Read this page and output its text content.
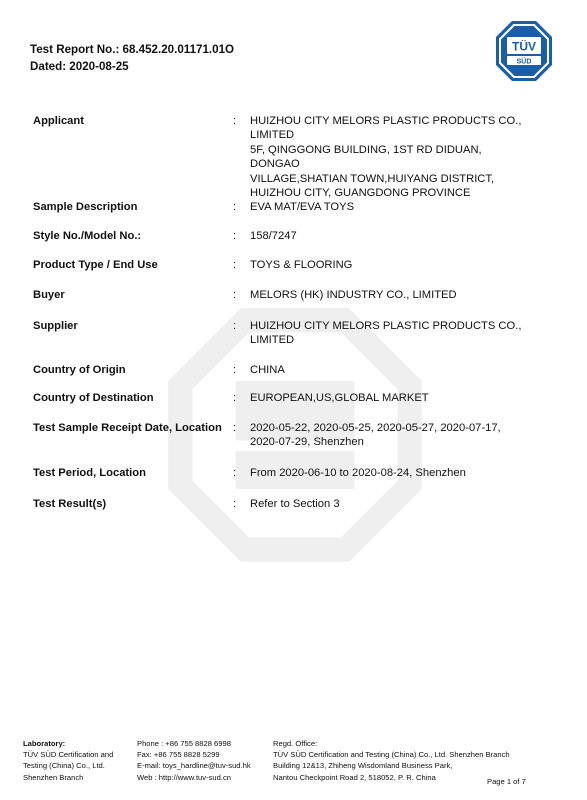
Test Report No.: 68.452.20.01171.01O
Dated: 2020-08-25
TÜV
SÜD
Applicant	: HUIZHOU CITY MELORS PLASTIC PRODUCTS CO.,
LIMITED
5F, QINGGONG BUILDING, 1ST RD DIDUAN, DONGAO
VILLAGE,SHATIAN TOWN,HUIYANG DISTRICT,
HUIZHOU CITY, GUANGDONG PROVINCE
Sample Description	: EVA MAT/EVA TOYS
Style No./Model No.:	: 158/7247
Product Type / End Use	: TOYS & FLOORING
Buyer	: MELORS (HK) INDUSTRY CO., LIMITED
Supplier	: HUIZHOU CITY MELORS PLASTIC PRODUCTS CO.,
LIMITED
Country of Origin	: CHINA
Country of Destination	: EUROPEAN,US,GLOBAL MARKET
Test Sample Receipt Date, Location	: 2020-05-22, 2020-05-25, 2020-05-27, 2020-07-17,
2020-07-29, Shenzhen
Test Period, Location	: From 2020-06-10 to 2020-08-24, Shenzhen
Test Result(s)	: Refer to Section 3
Laboratory:
TÜV SÜD Certification and
Testing (China) Co., Ltd.
Shenzhen Branch
Phone : +86 755 8828 6998
Fax: +86 755 8828 5299
E-mail: toys_hardline@tuv-sud.hk
Web : http://www.tuv-sud.cn
Regd. Office:
TÜV SÜD Certification and Testing (China) Co., Ltd. Shenzhen Branch
Building 12&13, Zhiheng Wisdomland Business Park,
Nantou Checkpoint Road 2, 518052, P. R. China	Page 1 of 7
